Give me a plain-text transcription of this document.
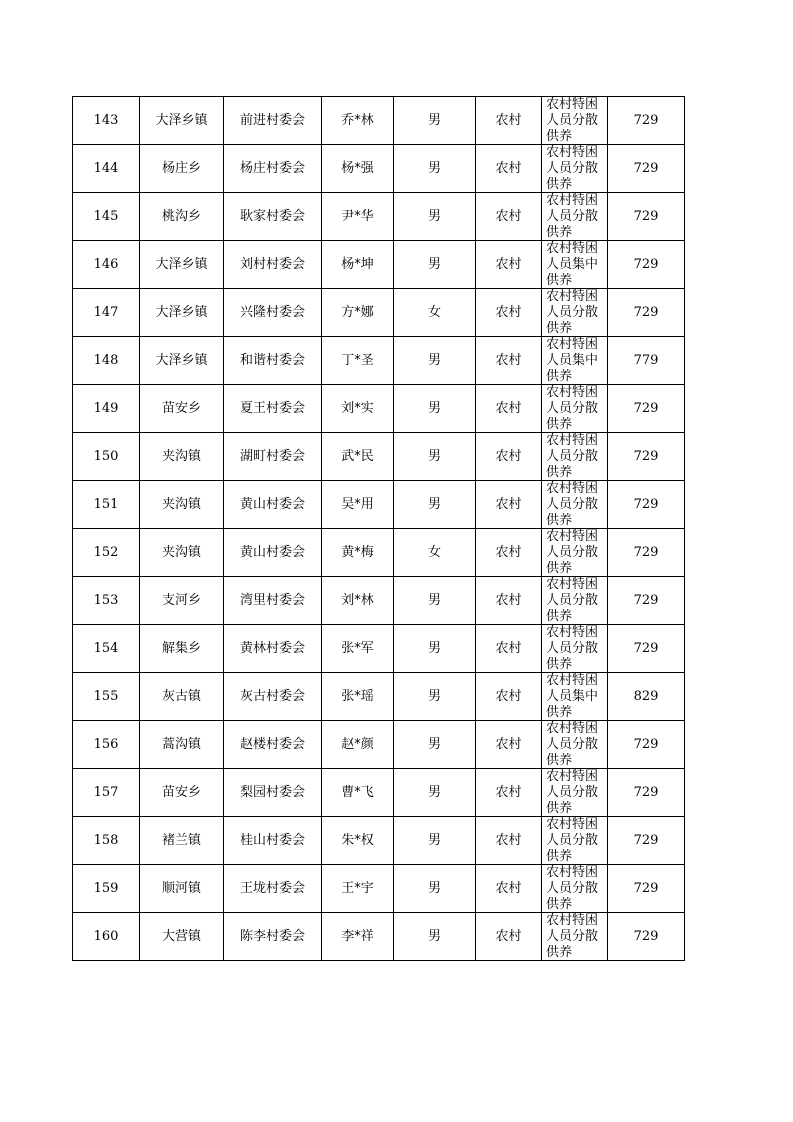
143	大泽乡镇	前进村委会	乔*林	男	农村	农村特困人员分散供养	729
144	杨庄乡	杨庄村委会	杨*强	男	农村	农村特困人员分散供养	729
145	桃沟乡	耿家村委会	尹*华	男	农村	农村特困人员分散供养	729
146	大泽乡镇	刘村村委会	杨*坤	男	农村	农村特困人员集中供养	729
147	大泽乡镇	兴隆村委会	方*娜	女	农村	农村特困人员分散供养	729
148	大泽乡镇	和谐村委会	丁*圣	男	农村	农村特困人员集中供养	779
149	苗安乡	夏王村委会	刘*实	男	农村	农村特困人员分散供养	729
150	夹沟镇	湖町村委会	武*民	男	农村	农村特困人员分散供养	729
151	夹沟镇	黄山村委会	吴*用	男	农村	农村特困人员分散供养	729
152	夹沟镇	黄山村委会	黄*梅	女	农村	农村特困人员分散供养	729
153	支河乡	湾里村委会	刘*林	男	农村	农村特困人员分散供养	729
154	解集乡	黄林村委会	张*军	男	农村	农村特困人员分散供养	729
155	灰古镇	灰古村委会	张*瑶	男	农村	农村特困人员集中供养	829
156	蒿沟镇	赵楼村委会	赵*颜	男	农村	农村特困人员分散供养	729
157	苗安乡	梨园村委会	曹*飞	男	农村	农村特困人员分散供养	729
158	褚兰镇	桂山村委会	朱*权	男	农村	农村特困人员分散供养	729
159	顺河镇	王垅村委会	王*宇	男	农村	农村特困人员分散供养	729
160	大营镇	陈李村委会	李*祥	男	农村	农村特困人员分散供养	729
